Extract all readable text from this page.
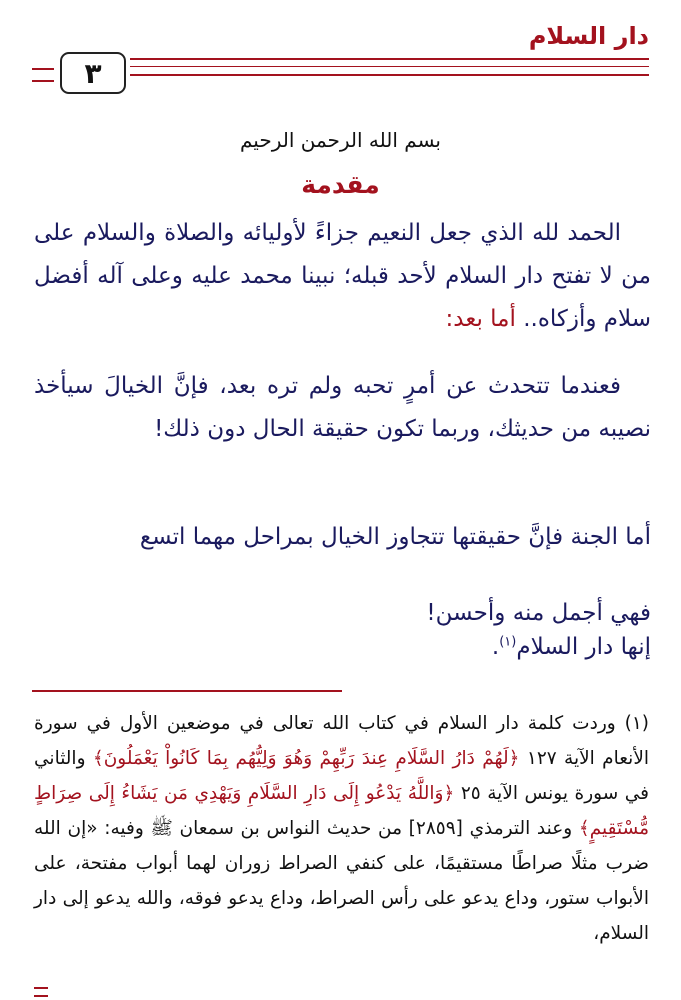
دار السلام
٣
بسم الله الرحمن الرحيم
مقدمة
الحمد لله الذي جعل النعيم جزاءً لأوليائه والصلاة والسلام على من لا تفتح دار السلام لأحد قبله؛ نبينا محمد عليه وعلى آله أفضل سلام وأزكاه.. أما بعد:
فعندما تتحدث عن أمرٍ تحبه ولم تره بعد، فإنَّ الخيالَ سيأخذ نصيبه من حديثك، وربما تكون حقيقة الحال دون ذلك!
أما الجنة فإنَّ حقيقتها تتجاوز الخيال بمراحل مهما اتسع
فهي أجمل منه وأحسن!
إنها دار السلام$^{(١)}$.
(١) وردت كلمة دار السلام في كتاب الله تعالى في موضعين الأول في سورة الأنعام الآية ١٢٧ ﴿لَهُمْ دَارُ السَّلَامِ عِندَ رَبِّهِمْ وَهُوَ وَلِيُّهُم بِمَا كَانُواْ يَعْمَلُونَ﴾ والثاني في سورة يونس الآية ٢٥ ﴿وَاللَّهُ يَدْعُو إِلَى دَارِ السَّلَامِ وَيَهْدِي مَن يَشَاءُ إِلَى صِرَاطٍ مُّسْتَقِيمٍ﴾ وعند الترمذي [٢٨٥٩] من حديث النواس بن سمعان ﷺ وفيه: «إن الله ضرب مثلًا صراطًا مستقيمًا، على كنفي الصراط زوران لهما أبواب مفتحة، على الأبواب ستور، وداع يدعو على رأس الصراط، وداع يدعو فوقه، والله يدعو إلى دار السلام،
